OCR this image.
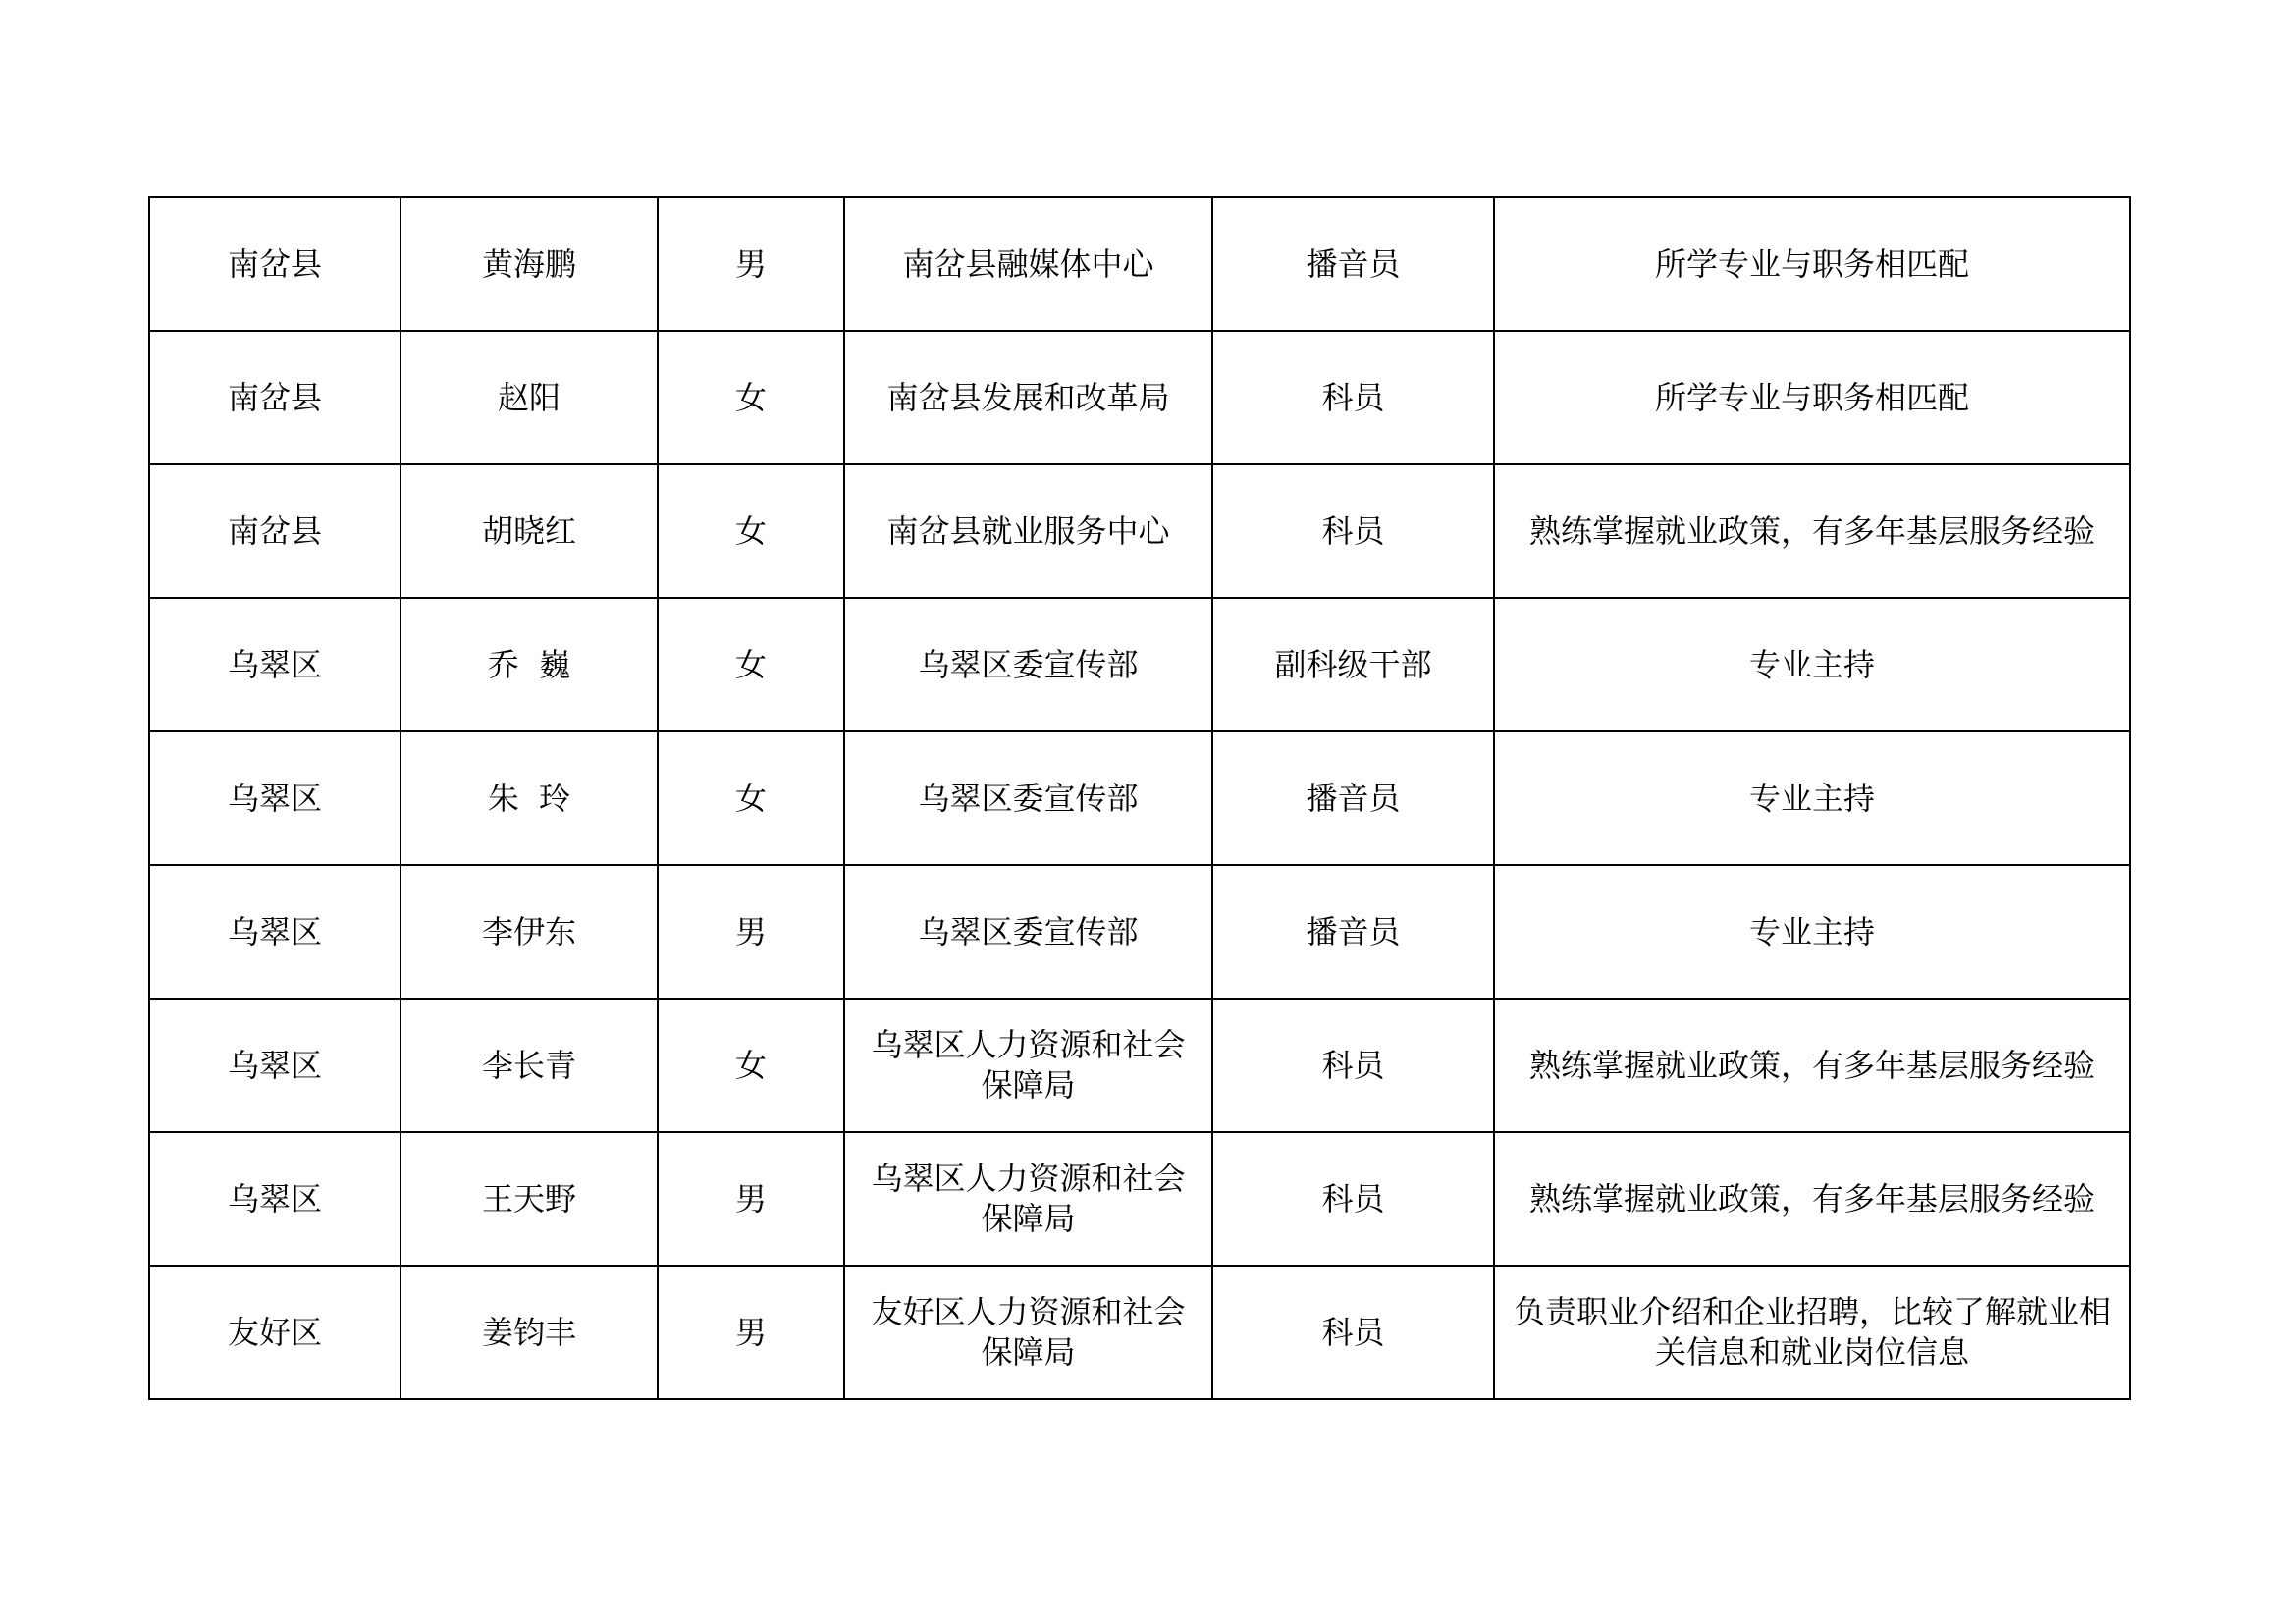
南岔县	黄海鹏	男	南岔县融媒体中心	播音员	所学专业与职务相匹配

南岔县	赵阳	女	南岔县发展和改革局	科员	所学专业与职务相匹配

南岔县	胡晓红	女	南岔县就业服务中心	科员	熟练掌握就业政策，有多年基层服务经验

乌翠区	乔  巍	女	乌翠区委宣传部	副科级干部	专业主持

乌翠区	朱  玲	女	乌翠区委宣传部	播音员	专业主持

乌翠区	李伊东	男	乌翠区委宣传部	播音员	专业主持

乌翠区	李长青	女	乌翠区人力资源和社会
保障局	科员	熟练掌握就业政策，有多年基层服务经验

乌翠区	王天野	男	乌翠区人力资源和社会
保障局	科员	熟练掌握就业政策，有多年基层服务经验

友好区	姜钧丰	男	友好区人力资源和社会
保障局	科员	负责职业介绍和企业招聘，比较了解就业相
关信息和就业岗位信息
